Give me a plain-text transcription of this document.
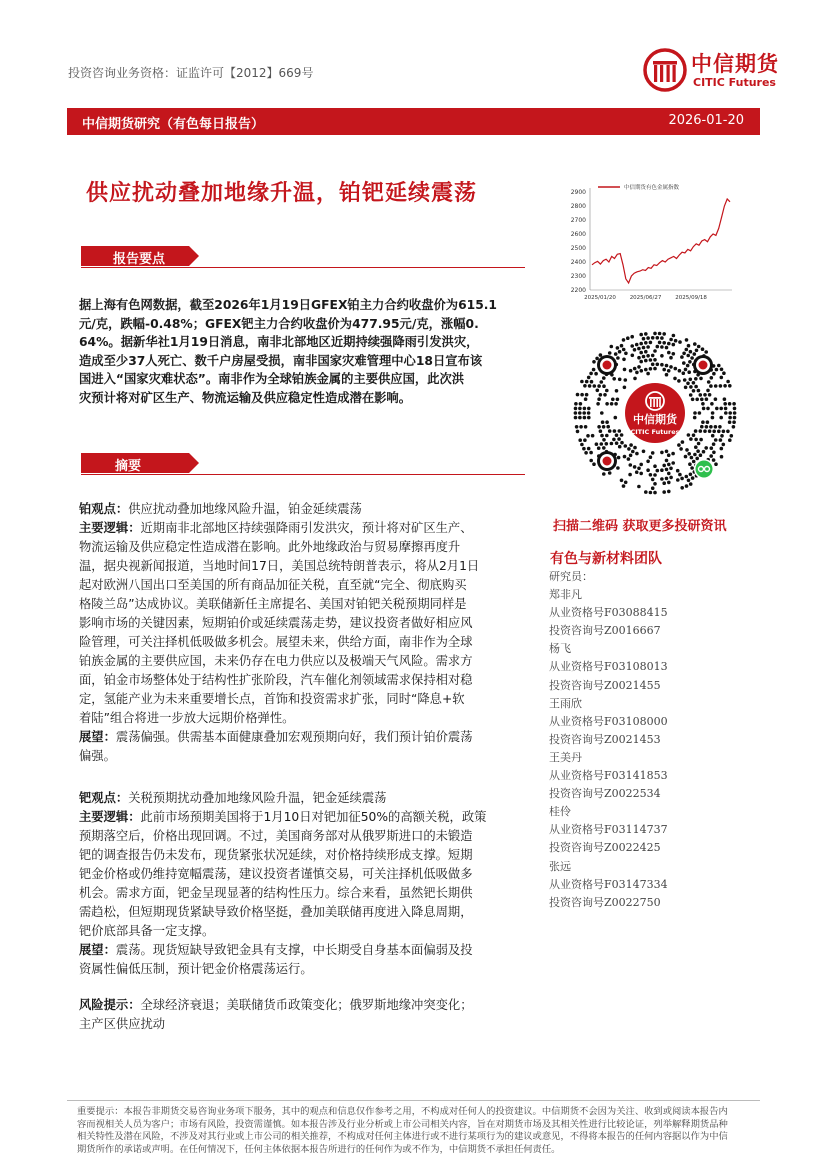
投资咨询业务资格：证监许可【2012】669号	中信期货
CITIC Futures
中信期货研究（有色每日报告）	2026-01-20
供应扰动叠加地缘升温，铂钯延续震荡
报告要点
据上海有色网数据，截至2026年1月19日GFEX铂主力合约收盘价为615.1
元/克，跌幅-0.48%；GFEX钯主力合约收盘价为477.95元/克，涨幅0.
64%。据新华社1月19日消息，南非北部地区近期持续强降雨引发洪灾，
造成至少37人死亡、数千户房屋受损，南非国家灾难管理中心18日宣布该
国进入“国家灾难状态”。南非作为全球铂族金属的主要供应国，此次洪
灾预计将对矿区生产、物流运输及供应稳定性造成潜在影响。
摘要
铂观点：供应扰动叠加地缘风险升温，铂金延续震荡
主要逻辑：近期南非北部地区持续强降雨引发洪灾，预计将对矿区生产、
物流运输及供应稳定性造成潜在影响。此外地缘政治与贸易摩擦再度升
温，据央视新闻报道，当地时间17日，美国总统特朗普表示，将从2月1日
起对欧洲八国出口至美国的所有商品加征关税，直至就“完全、彻底购买
格陵兰岛”达成协议。美联储新任主席提名、美国对铂钯关税预期同样是
影响市场的关键因素，短期铂价或延续震荡走势，建议投资者做好相应风
险管理，可关注择机低吸做多机会。展望未来，供给方面，南非作为全球
铂族金属的主要供应国，未来仍存在电力供应以及极端天气风险。需求方
面，铂金市场整体处于结构性扩张阶段，汽车催化剂领域需求保持相对稳
定，氢能产业为未来重要增长点，首饰和投资需求扩张，同时“降息+软
着陆”组合将进一步放大远期价格弹性。
展望：震荡偏强。供需基本面健康叠加宏观预期向好，我们预计铂价震荡
偏强。
钯观点：关税预期扰动叠加地缘风险升温，钯金延续震荡
主要逻辑：此前市场预期美国将于1月10日对钯加征50%的高额关税，政策
预期落空后，价格出现回调。不过，美国商务部对从俄罗斯进口的未锻造
钯的调查报告仍未发布，现货紧张状况延续，对价格持续形成支撑。短期
钯金价格或仍维持宽幅震荡，建议投资者谨慎交易，可关注择机低吸做多
机会。需求方面，钯金呈现显著的结构性压力。综合来看，虽然钯长期供
需趋松，但短期现货紧缺导致价格坚挺，叠加美联储再度进入降息周期，
钯价底部具备一定支撑。
展望：震荡。现货短缺导致钯金具有支撑，中长期受自身基本面偏弱及投
资属性偏低压制，预计钯金价格震荡运行。
风险提示：全球经济衰退；美联储货币政策变化；俄罗斯地缘冲突变化；
主产区供应扰动
2200
2300
2400
2500
2600
2700
2800
2900
2025/01/20	2025/06/27	2025/09/18
中信期货有色金属指数
中信期货
CITIC Futures
扫描二维码 获取更多投研资讯
有色与新材料团队
研究员：
郑非凡
从业资格号F03088415
投资咨询号Z0016667
杨飞
从业资格号F03108013
投资咨询号Z0021455
王雨欣
从业资格号F03108000
投资咨询号Z0021453
王美丹
从业资格号F03141853
投资咨询号Z0022534
桂伶
从业资格号F03114737
投资咨询号Z0022425
张远
从业资格号F03147334
投资咨询号Z0022750
重要提示：本报告非期货交易咨询业务项下服务，其中的观点和信息仅作参考之用，不构成对任何人的投资建议。中信期货不会因为关注、收到或阅读本报告内
容而视相关人员为客户；市场有风险，投资需谨慎。如本报告涉及行业分析或上市公司相关内容，旨在对期货市场及其相关性进行比较论证，列举解释期货品种
相关特性及潜在风险，不涉及对其行业或上市公司的相关推荐，不构成对任何主体进行或不进行某项行为的建议或意见，不得将本报告的任何内容据以作为中信
期货所作的承诺或声明。在任何情况下，任何主体依据本报告所进行的任何作为或不作为，中信期货不承担任何责任。
